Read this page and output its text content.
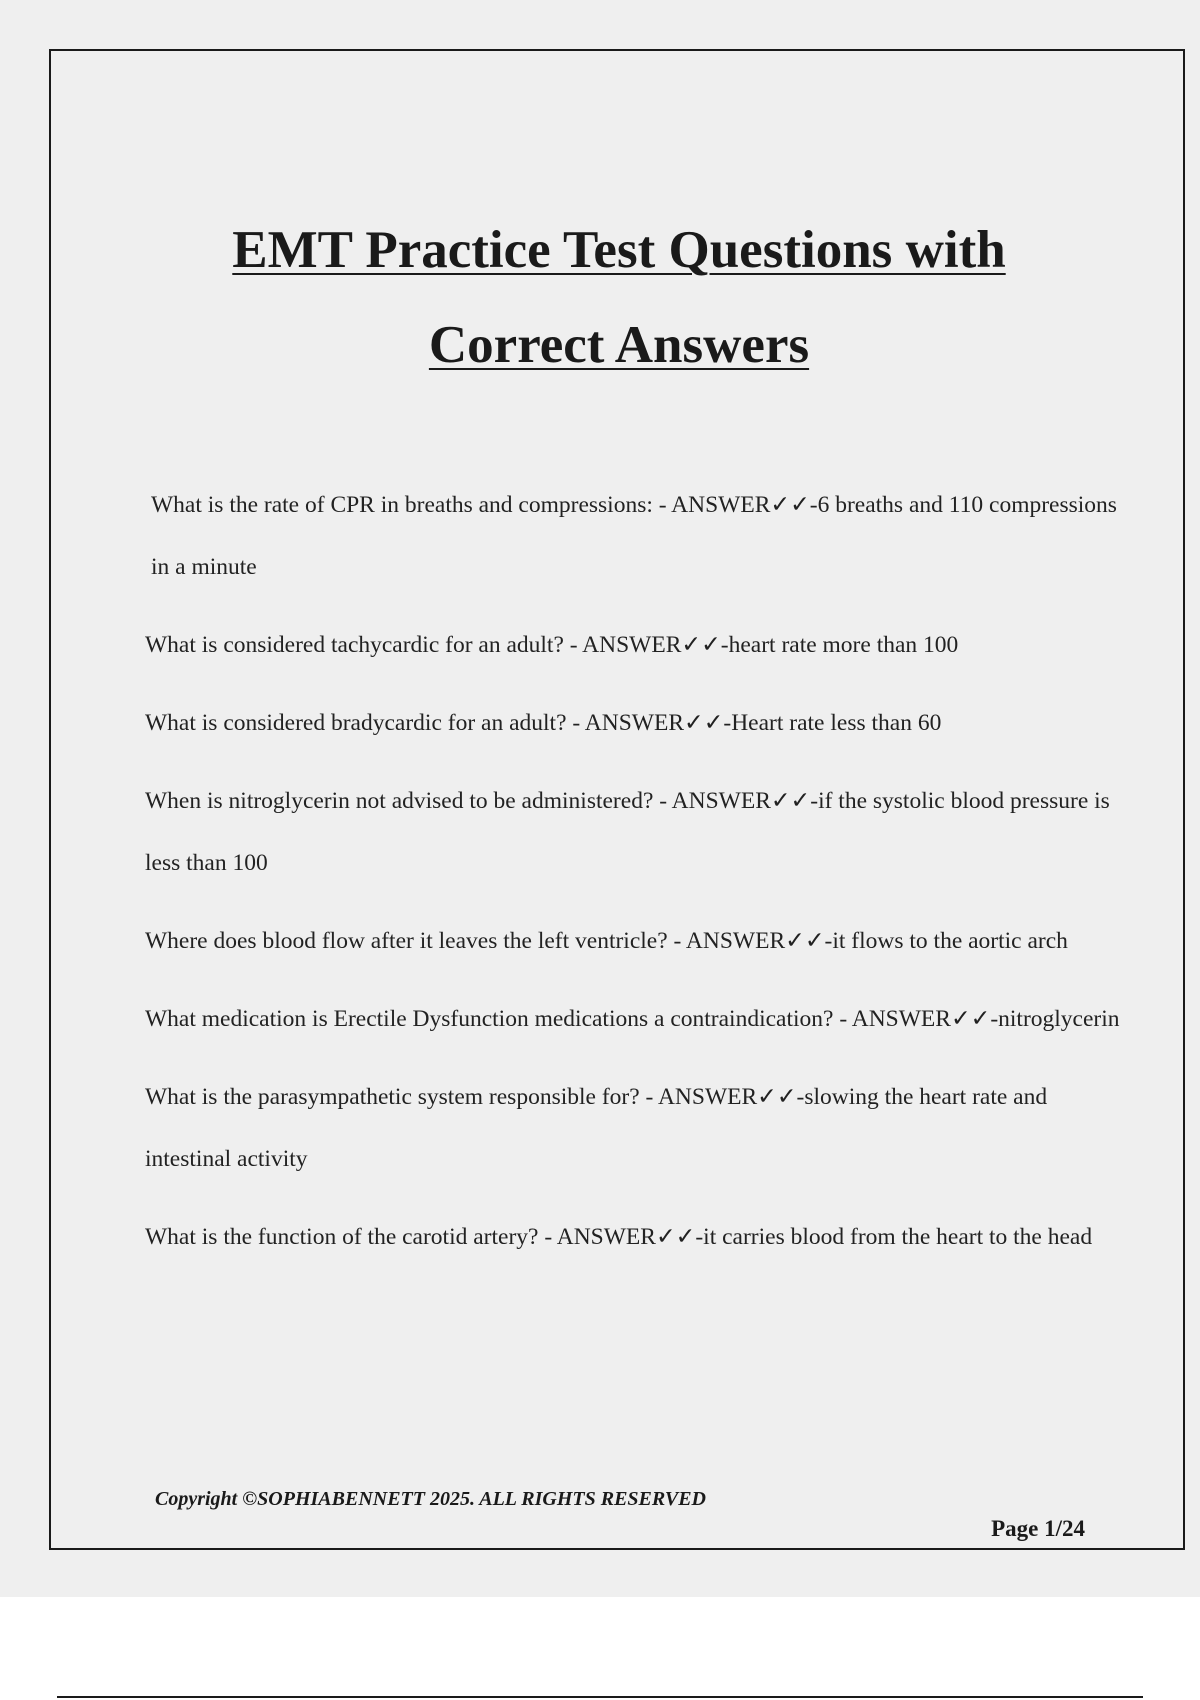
EMT Practice Test Questions with
Correct Answers
What is the rate of CPR in breaths and compressions: - ANSWER✓✓-6 breaths and 110 compressions in a minute
What is considered tachycardic for an adult? - ANSWER✓✓-heart rate more than 100
What is considered bradycardic for an adult? - ANSWER✓✓-Heart rate less than 60
When is nitroglycerin not advised to be administered? - ANSWER✓✓-if the systolic blood pressure is less than 100
Where does blood flow after it leaves the left ventricle? - ANSWER✓✓-it flows to the aortic arch
What medication is Erectile Dysfunction medications a contraindication? - ANSWER✓✓-nitroglycerin
What is the parasympathetic system responsible for? - ANSWER✓✓-slowing the heart rate and intestinal activity
What is the function of the carotid artery? - ANSWER✓✓-it carries blood from the heart to the head

Copyright ©SOPHIABENNETT 2025. ALL RIGHTS RESERVED

Page 1/24
